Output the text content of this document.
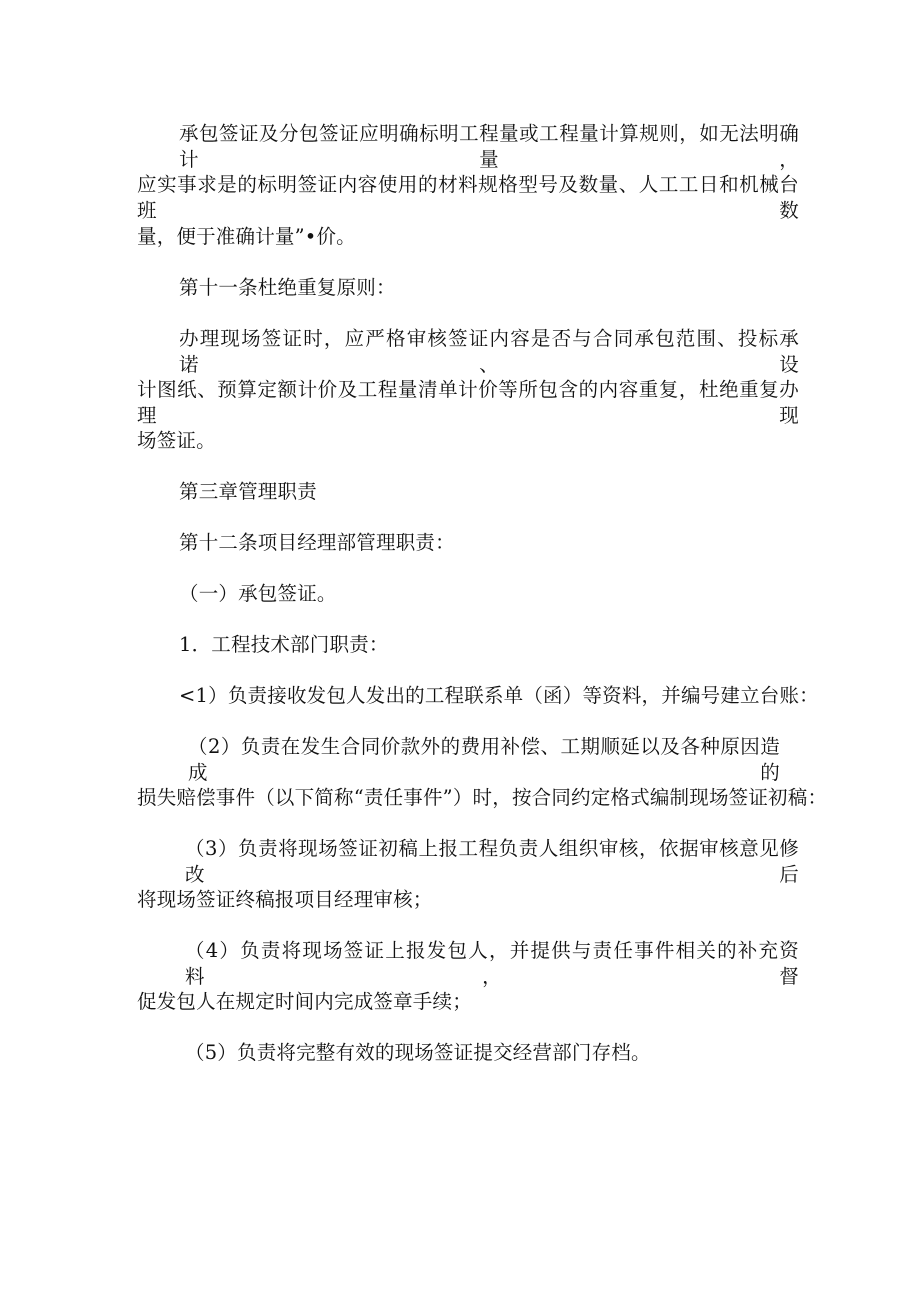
承包签证及分包签证应明确标明工程量或工程量计算规则，如无法明确计量，
应实事求是的标明签证内容使用的材料规格型号及数量、人工工日和机械台班数
量，便于准确计量”•价。
第十一条杜绝重复原则：
办理现场签证时，应严格审核签证内容是否与合同承包范围、投标承诺、设
计图纸、预算定额计价及工程量清单计价等所包含的内容重复，杜绝重复办理现
场签证。
第三章管理职责
第十二条项目经理部管理职责：
（一）承包签证。
1．工程技术部门职责：
<1）负责接收发包人发出的工程联系单（函）等资料，并编号建立台账：
（2）负责在发生合同价款外的费用补偿、工期顺延以及各种原因造成的
损失赔偿事件（以下简称“责任事件”）时，按合同约定格式编制现场签证初稿：
（3）负责将现场签证初稿上报工程负责人组织审核，依据审核意见修改后
将现场签证终稿报项目经理审核；
（4）负责将现场签证上报发包人，并提供与责任事件相关的补充资料，督
促发包人在规定时间内完成签章手续；
（5）负责将完整有效的现场签证提交经营部门存档。
